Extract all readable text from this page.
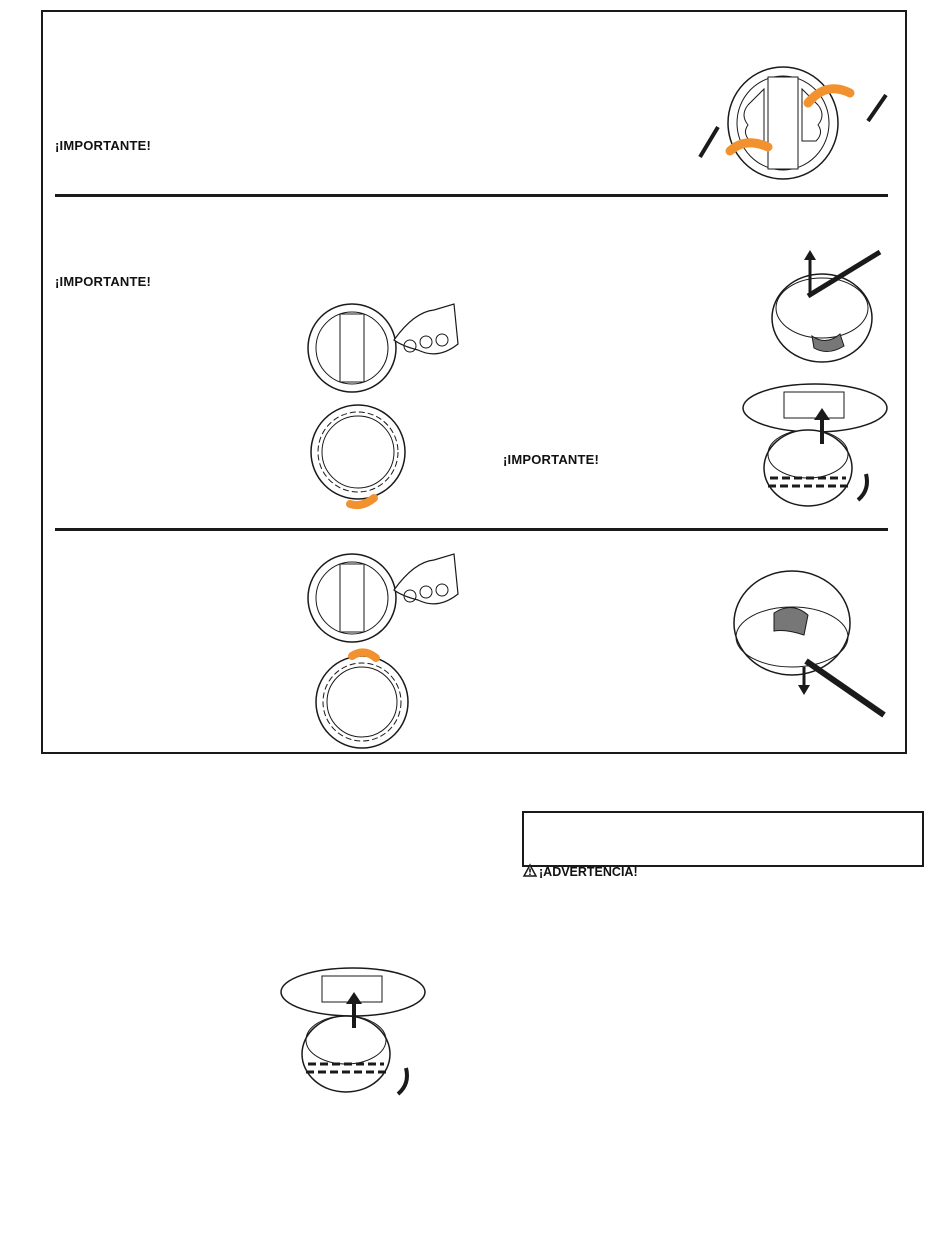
¡IMPORTANTE!
¡IMPORTANTE!
¡IMPORTANTE!
¡ADVERTENCIA!
